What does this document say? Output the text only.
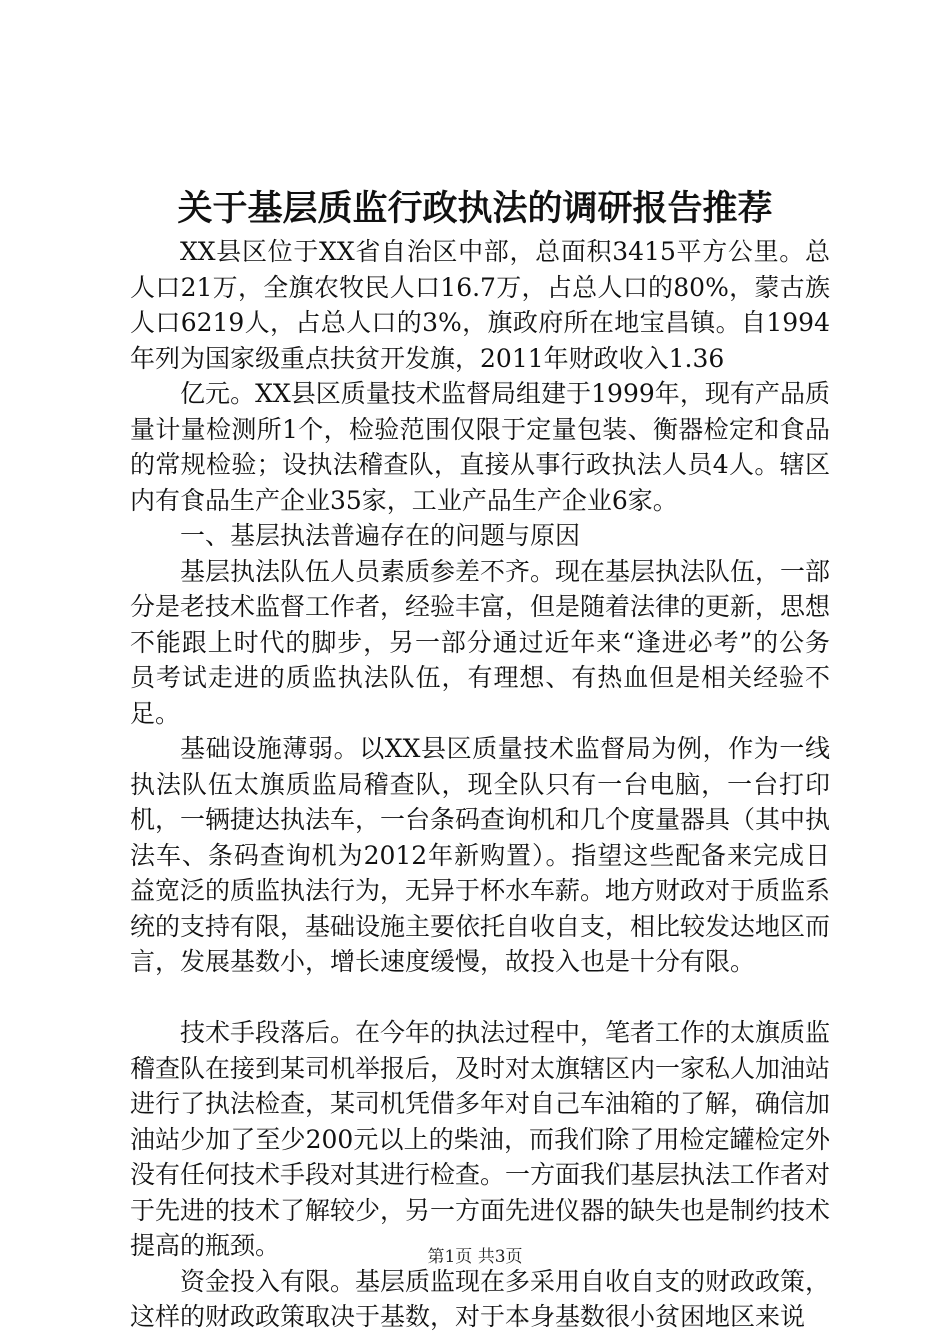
关于基层质监行政执法的调研报告推荐

XX县区位于XX省自治区中部，总面积3415平方公里。总人口21万，全旗农牧民人口16.7万，占总人口的80%，蒙古族人口6219人，占总人口的3%，旗政府所在地宝昌镇。自1994年列为国家级重点扶贫开发旗，2011年财政收入1.36

亿元。XX县区质量技术监督局组建于1999年，现有产品质量计量检测所1个，检验范围仅限于定量包装、衡器检定和食品的常规检验；设执法稽查队，直接从事行政执法人员4人。辖区内有食品生产企业35家，工业产品生产企业6家。

一、基层执法普遍存在的问题与原因

基层执法队伍人员素质参差不齐。现在基层执法队伍，一部分是老技术监督工作者，经验丰富，但是随着法律的更新，思想不能跟上时代的脚步，另一部分通过近年来“逢进必考”的公务员考试走进的质监执法队伍，有理想、有热血但是相关经验不足。

基础设施薄弱。以XX县区质量技术监督局为例，作为一线执法队伍太旗质监局稽查队，现全队只有一台电脑，一台打印机，一辆捷达执法车，一台条码查询机和几个度量器具（其中执法车、条码查询机为2012年新购置）。指望这些配备来完成日益宽泛的质监执法行为，无异于杯水车薪。地方财政对于质监系统的支持有限，基础设施主要依托自收自支，相比较发达地区而言，发展基数小，增长速度缓慢，故投入也是十分有限。

技术手段落后。在今年的执法过程中，笔者工作的太旗质监稽查队在接到某司机举报后，及时对太旗辖区内一家私人加油站进行了执法检查，某司机凭借多年对自己车油箱的了解，确信加油站少加了至少200元以上的柴油，而我们除了用检定罐检定外没有任何技术手段对其进行检查。一方面我们基层执法工作者对于先进的技术了解较少，另一方面先进仪器的缺失也是制约技术提高的瓶颈。

资金投入有限。基层质监现在多采用自收自支的财政政策，这样的财政政策取决于基数，对于本身基数很小贫困地区来说

第1页 共3页
